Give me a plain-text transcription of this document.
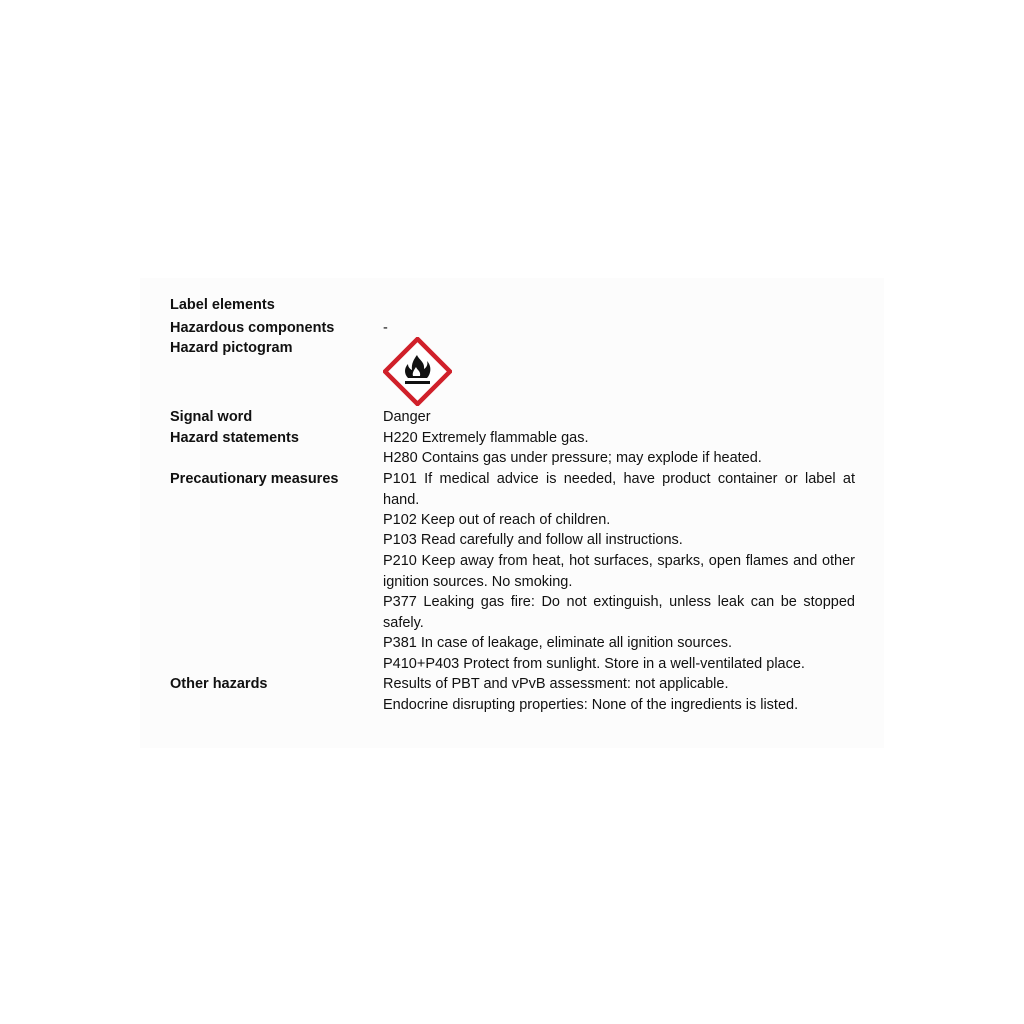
Label elements
Hazardous components	-
Hazard pictogram
Signal word	Danger
Hazard statements	H220 Extremely flammable gas.
H280 Contains gas under pressure; may explode if heated.
Precautionary measures	P101 If medical advice is needed, have product container or label at hand.
P102 Keep out of reach of children.
P103 Read carefully and follow all instructions.
P210 Keep away from heat, hot surfaces, sparks, open flames and other ignition sources. No smoking.
P377 Leaking gas fire: Do not extinguish, unless leak can be stopped safely.
P381 In case of leakage, eliminate all ignition sources.
P410+P403 Protect from sunlight. Store in a well-ventilated place.
Other hazards	Results of PBT and vPvB assessment: not applicable.
Endocrine disrupting properties: None of the ingredients is listed.
